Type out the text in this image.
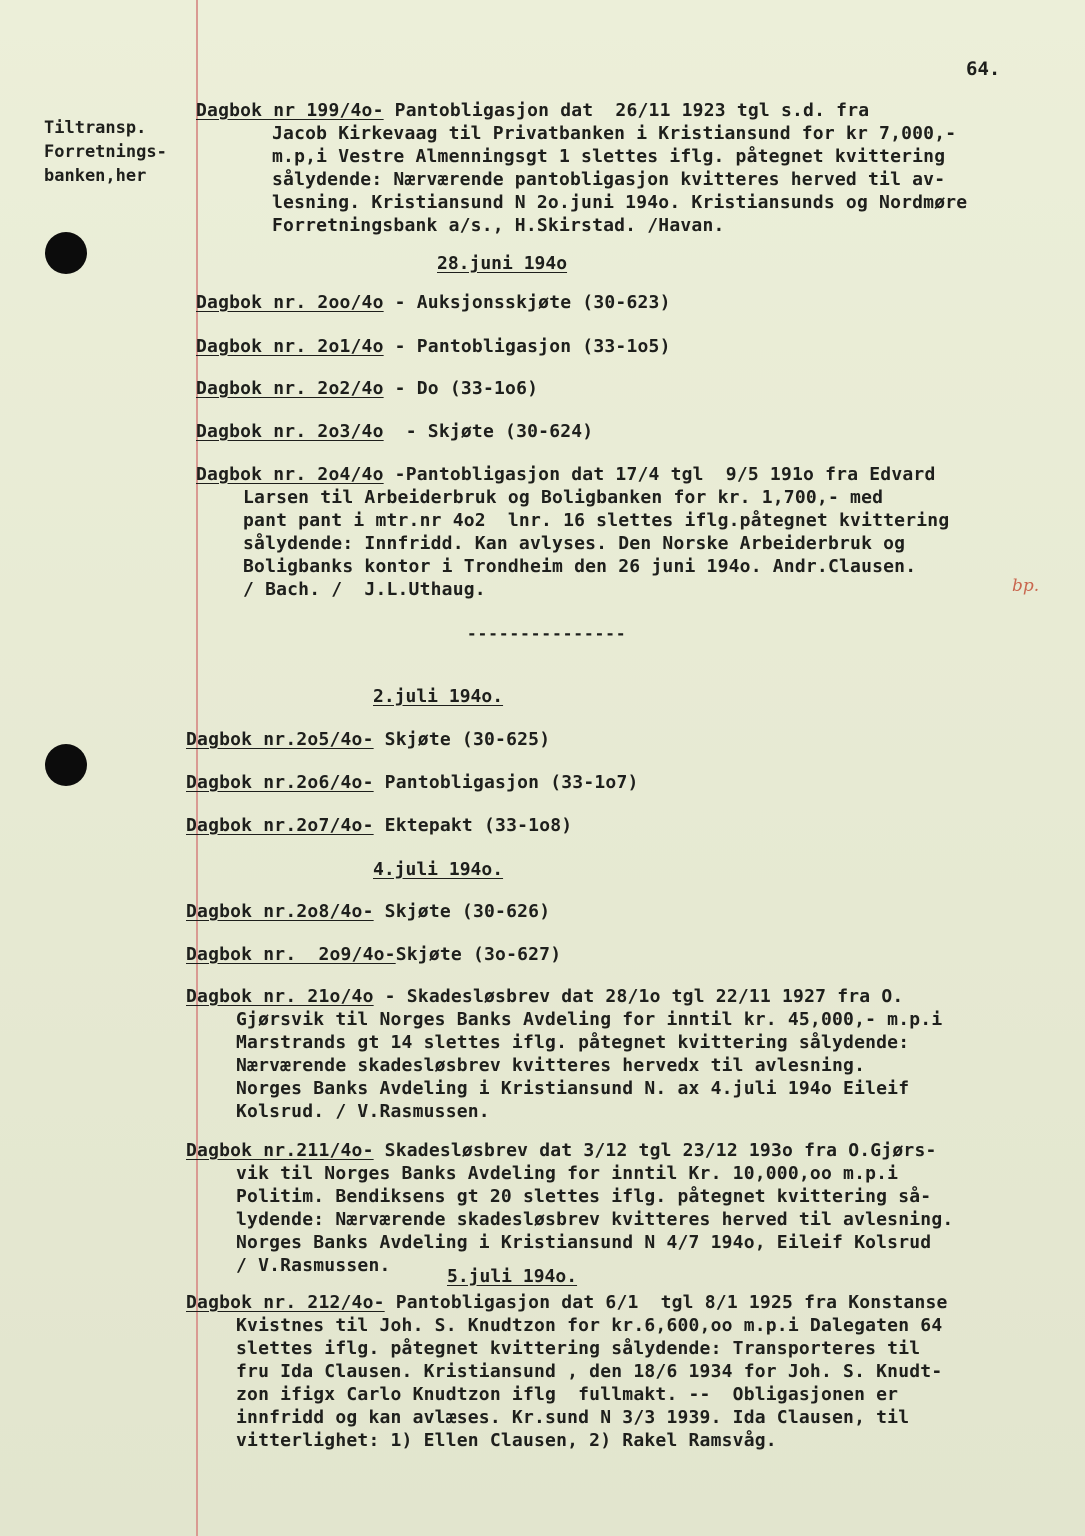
64.
Tiltransp.
Forretnings-
banken,her
Dagbok nr 199/4o- Pantobligasjon dat  26/11 1923 tgl s.d. fra
Jacob Kirkevaag til Privatbanken i Kristiansund for kr 7,000,-
m.p,i Vestre Almenningsgt 1 slettes iflg. påtegnet kvittering
sålydende: Nærværende pantobligasjon kvitteres herved til av-
lesning. Kristiansund N 2o.juni 194o. Kristiansunds og Nordmøre
Forretningsbank a/s., H.Skirstad. /Havan.
28.juni 194o
Dagbok nr. 2oo/4o - Auksjonsskjøte (30-623)
Dagbok nr. 2o1/4o - Pantobligasjon (33-1o5)
Dagbok nr. 2o2/4o - Do (33-1o6)
Dagbok nr. 2o3/4o  - Skjøte (30-624)
Dagbok nr. 2o4/4o -Pantobligasjon dat 17/4 tgl  9/5 191o fra Edvard
Larsen til Arbeiderbruk og Boligbanken for kr. 1,700,- med
pant pant i mtr.nr 4o2  lnr. 16 slettes iflg.påtegnet kvittering
sålydende: Innfridd. Kan avlyses. Den Norske Arbeiderbruk og
Boligbanks kontor i Trondheim den 26 juni 194o. Andr.Clausen.
/ Bach. /  J.L.Uthaug.	bp.
---------------
2.juli 194o.
Dagbok nr.2o5/4o- Skjøte (30-625)
Dagbok nr.2o6/4o- Pantobligasjon (33-1o7)
Dagbok nr.2o7/4o- Ektepakt (33-1o8)
4.juli 194o.
Dagbok nr.2o8/4o- Skjøte (30-626)
Dagbok nr.  2o9/4o-Skjøte (3o-627)
Dagbok nr. 21o/4o - Skadesløsbrev dat 28/1o tgl 22/11 1927 fra O.
Gjørsvik til Norges Banks Avdeling for inntil kr. 45,000,- m.p.i
Marstrands gt 14 slettes iflg. påtegnet kvittering sålydende:
Nærværende skadesløsbrev kvitteres hervedx til avlesning.
Norges Banks Avdeling i Kristiansund N. ax 4.juli 194o Eileif
Kolsrud. / V.Rasmussen.
Dagbok nr.211/4o- Skadesløsbrev dat 3/12 tgl 23/12 193o fra O.Gjørs-
vik til Norges Banks Avdeling for inntil Kr. 10,000,oo m.p.i
Politim. Bendiksens gt 20 slettes iflg. påtegnet kvittering så-
lydende: Nærværende skadesløsbrev kvitteres herved til avlesning.
Norges Banks Avdeling i Kristiansund N 4/7 194o, Eileif Kolsrud
/ V.Rasmussen.
5.juli 194o.
Dagbok nr. 212/4o- Pantobligasjon dat 6/1  tgl 8/1 1925 fra Konstanse
Kvistnes til Joh. S. Knudtzon for kr.6,600,oo m.p.i Dalegaten 64
slettes iflg. påtegnet kvittering sålydende: Transporteres til
fru Ida Clausen. Kristiansund , den 18/6 1934 for Joh. S. Knudt-
zon ifigx Carlo Knudtzon iflg  fullmakt. --  Obligasjonen er
innfridd og kan avlæses. Kr.sund N 3/3 1939. Ida Clausen, til
vitterlighet: 1) Ellen Clausen, 2) Rakel Ramsvåg.
